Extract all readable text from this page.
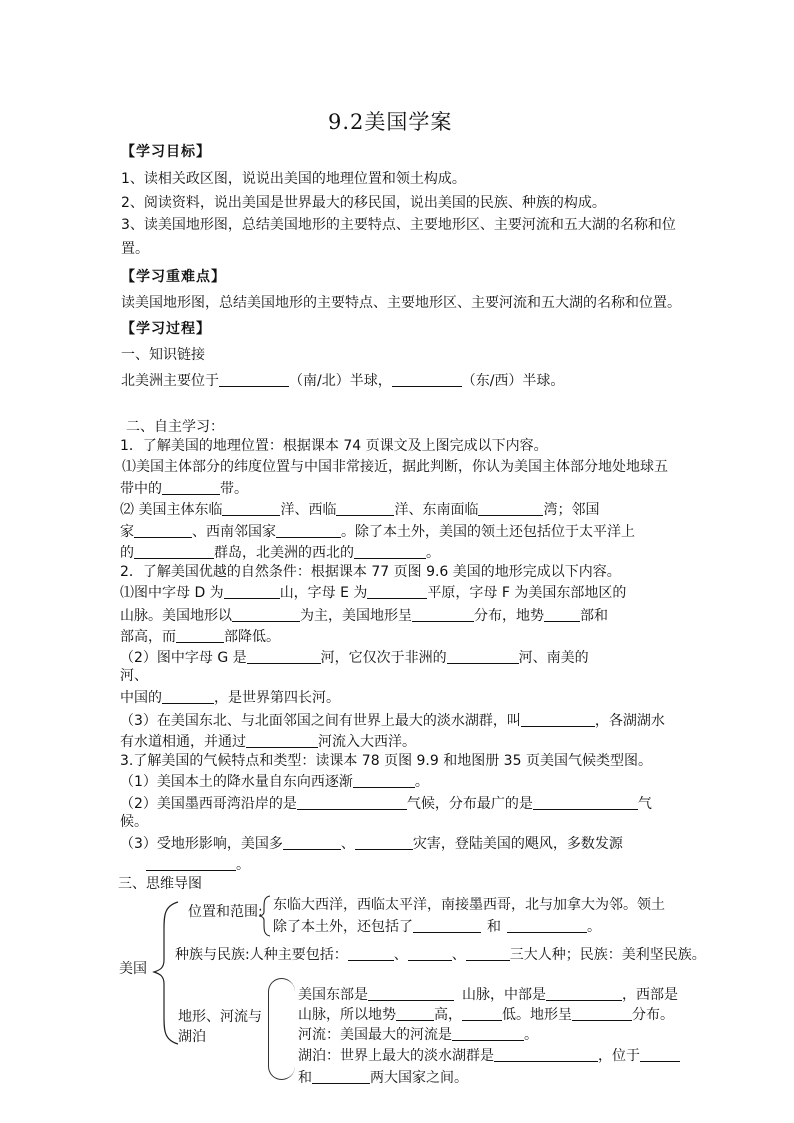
9.2美国学案
【学习目标】
1、读相关政区图，说说出美国的地理位置和领土构成。
2、阅读资料，说出美国是世界最大的移民国，说出美国的民族、种族的构成。
3、读美国地形图，总结美国地形的主要特点、主要地形区、主要河流和五大湖的名称和位
置。
【学习重难点】
读美国地形图，总结美国地形的主要特点、主要地形区、主要河流和五大湖的名称和位置。
【学习过程】
一、知识链接
北美洲主要位于	（南/北）半球，	（东/西）半球。
二、自主学习：
1．了解美国的地理位置：根据课本 74 页课文及上图完成以下内容。
⑴美国主体部分的纬度位置与中国非常接近，据此判断，你认为美国主体部分地处地球五
带中的	带。
⑵ 美国主体东临	洋、西临	洋、东南面临	湾；邻国
家	、西南邻国家	。除了本土外，美国的领土还包括位于太平洋上
的	群岛，北美洲的西北的	。
2．了解美国优越的自然条件：根据课本 77 页图 9.6 美国的地形完成以下内容。
⑴图中字母 D 为	山，字母 E 为	平原，字母 F 为美国东部地区的
山脉。美国地形以	为主，美国地形呈	分布，地势	部和
部高，而	部降低。
（2）图中字母 G 是	河，它仅次于非洲的	河、南美的
河、
中国的	，是世界第四长河。
（3）在美国东北、与北面邻国之间有世界上最大的淡水湖群，叫	，各湖湖水
有水道相通，并通过	河流入大西洋。
3.了解美国的气候特点和类型：读课本 78 页图 9.9 和地图册 35 页美国气候类型图。
（1）美国本土的降水量自东向西逐渐	。
（2）美国墨西哥湾沿岸的是	气候，分布最广的是	气
候。
（3）受地形影响，美国多	、	灾害，登陆美国的飓风，多数发源
。
三、思维导图
美国
位置和范围: 东临大西洋，西临太平洋，南接墨西哥，北与加拿大为邻。领土
除了本土外，还包括了	和	。
种族与民族:人种主要包括：	、	、	三大人种；民族：美利坚民族。
地形、河流与
湖泊
美国东部是	山脉，中部是	，西部是
山脉，所以地势	高，	低。地形呈	分布。
河流：美国最大的河流是	。
湖泊：世界上最大的淡水湖群是	，位于
和	两大国家之间。
